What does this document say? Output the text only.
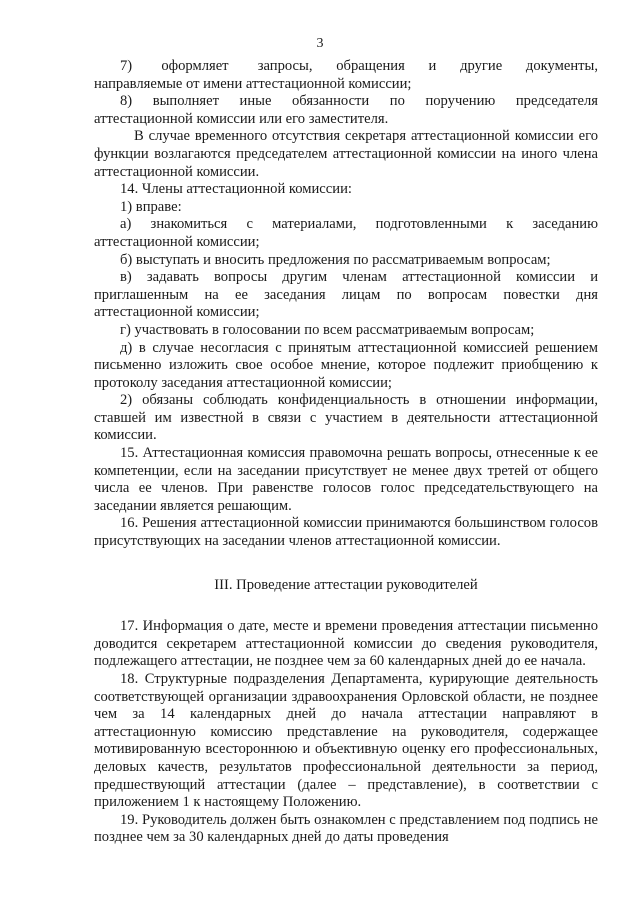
3

7)  оформляет  запросы, обращения и другие документы, направляемые от имени аттестационной комиссии;

8) выполняет иные обязанности по поручению председателя аттестационной комиссии или его заместителя.

В случае временного отсутствия секретаря аттестационной комиссии его функции возлагаются председателем аттестационной комиссии на иного члена аттестационной комиссии.

14. Члены аттестационной комиссии:

1) вправе:

а) знакомиться с материалами, подготовленными к заседанию аттестационной комиссии;

б) выступать и вносить предложения по рассматриваемым вопросам;

в) задавать вопросы другим членам аттестационной комиссии и приглашенным на ее заседания лицам по вопросам повестки дня аттестационной комиссии;

г) участвовать в голосовании по всем рассматриваемым вопросам;

д) в случае несогласия с принятым аттестационной комиссией решением письменно изложить свое особое мнение, которое подлежит приобщению к протоколу заседания аттестационной комиссии;

2) обязаны соблюдать конфиденциальность в отношении информации, ставшей им известной в связи с участием в деятельности аттестационной комиссии.

15. Аттестационная комиссия правомочна решать вопросы, отнесенные к ее компетенции, если на заседании присутствует не менее двух третей от общего числа ее членов. При равенстве голосов голос председательствующего на заседании является решающим.

16. Решения аттестационной комиссии принимаются большинством голосов присутствующих на заседании членов аттестационной комиссии.

III. Проведение аттестации руководителей

17. Информация о дате, месте и времени проведения аттестации письменно доводится секретарем аттестационной комиссии до сведения руководителя, подлежащего аттестации, не позднее чем за 60 календарных дней до ее начала.

18. Структурные подразделения Департамента, курирующие деятельность соответствующей организации здравоохранения Орловской области, не позднее чем за 14 календарных дней до начала аттестации направляют в аттестационную комиссию представление на руководителя, содержащее мотивированную всестороннюю и объективную оценку его профессиональных, деловых качеств, результатов профессиональной деятельности за период, предшествующий аттестации (далее – представление), в соответствии с приложением 1 к настоящему Положению.

19. Руководитель должен быть ознакомлен с представлением под подпись не позднее чем за 30 календарных дней до даты проведения
